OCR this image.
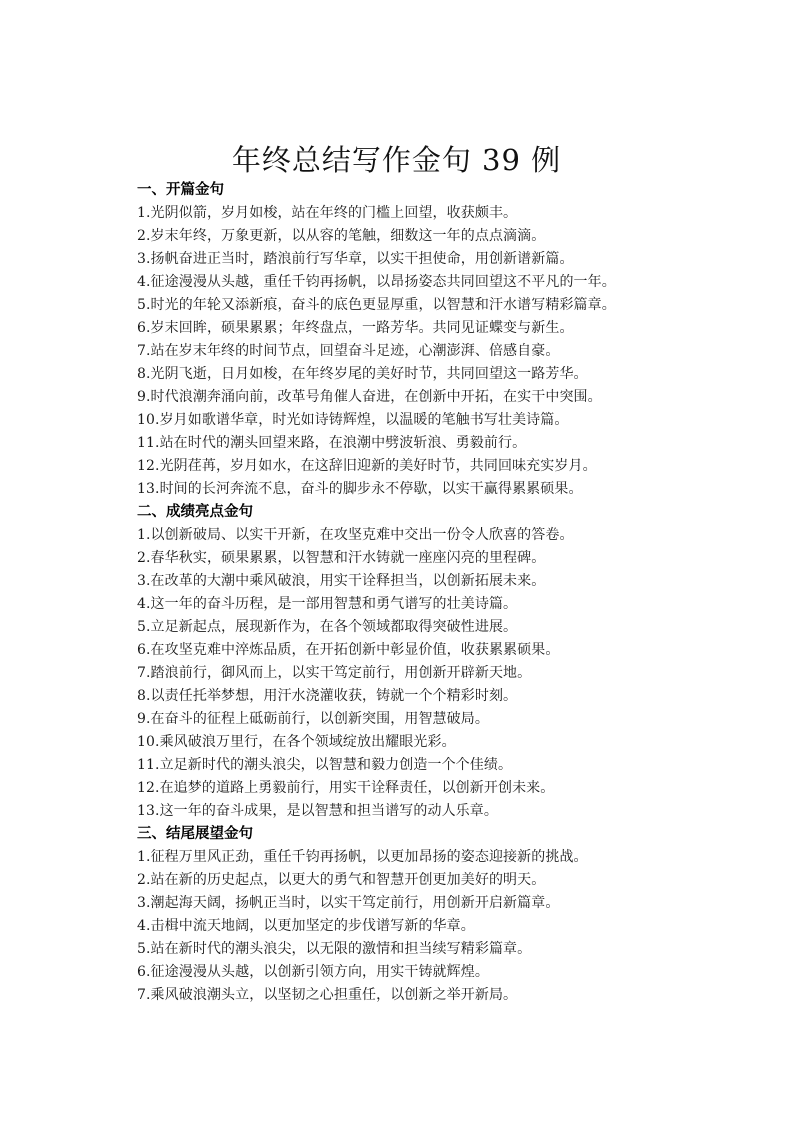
年终总结写作金句 39 例
一、开篇金句
1.光阴似箭，岁月如梭，站在年终的门槛上回望，收获颇丰。
2.岁末年终，万象更新，以从容的笔触，细数这一年的点点滴滴。
3.扬帆奋进正当时，踏浪前行写华章，以实干担使命，用创新谱新篇。
4.征途漫漫从头越，重任千钧再扬帆，以昂扬姿态共同回望这不平凡的一年。
5.时光的年轮又添新痕，奋斗的底色更显厚重，以智慧和汗水谱写精彩篇章。
6.岁末回眸，硕果累累；年终盘点，一路芳华。共同见证蝶变与新生。
7.站在岁末年终的时间节点，回望奋斗足迹，心潮澎湃、倍感自豪。
8.光阴飞逝，日月如梭，在年终岁尾的美好时节，共同回望这一路芳华。
9.时代浪潮奔涌向前，改革号角催人奋进，在创新中开拓，在实干中突围。
10.岁月如歌谱华章，时光如诗铸辉煌，以温暖的笔触书写壮美诗篇。
11.站在时代的潮头回望来路，在浪潮中劈波斩浪、勇毅前行。
12.光阴荏苒，岁月如水，在这辞旧迎新的美好时节，共同回味充实岁月。
13.时间的长河奔流不息，奋斗的脚步永不停歇，以实干赢得累累硕果。
二、成绩亮点金句
1.以创新破局、以实干开新，在攻坚克难中交出一份令人欣喜的答卷。
2.春华秋实，硕果累累，以智慧和汗水铸就一座座闪亮的里程碑。
3.在改革的大潮中乘风破浪，用实干诠释担当，以创新拓展未来。
4.这一年的奋斗历程，是一部用智慧和勇气谱写的壮美诗篇。
5.立足新起点，展现新作为，在各个领域都取得突破性进展。
6.在攻坚克难中淬炼品质，在开拓创新中彰显价值，收获累累硕果。
7.踏浪前行，御风而上，以实干笃定前行，用创新开辟新天地。
8.以责任托举梦想，用汗水浇灌收获，铸就一个个精彩时刻。
9.在奋斗的征程上砥砺前行，以创新突围，用智慧破局。
10.乘风破浪万里行，在各个领域绽放出耀眼光彩。
11.立足新时代的潮头浪尖，以智慧和毅力创造一个个佳绩。
12.在追梦的道路上勇毅前行，用实干诠释责任，以创新开创未来。
13.这一年的奋斗成果，是以智慧和担当谱写的动人乐章。
三、结尾展望金句
1.征程万里风正劲，重任千钧再扬帆，以更加昂扬的姿态迎接新的挑战。
2.站在新的历史起点，以更大的勇气和智慧开创更加美好的明天。
3.潮起海天阔，扬帆正当时，以实干笃定前行，用创新开启新篇章。
4.击楫中流天地阔，以更加坚定的步伐谱写新的华章。
5.站在新时代的潮头浪尖，以无限的激情和担当续写精彩篇章。
6.征途漫漫从头越，以创新引领方向，用实干铸就辉煌。
7.乘风破浪潮头立，以坚韧之心担重任，以创新之举开新局。
